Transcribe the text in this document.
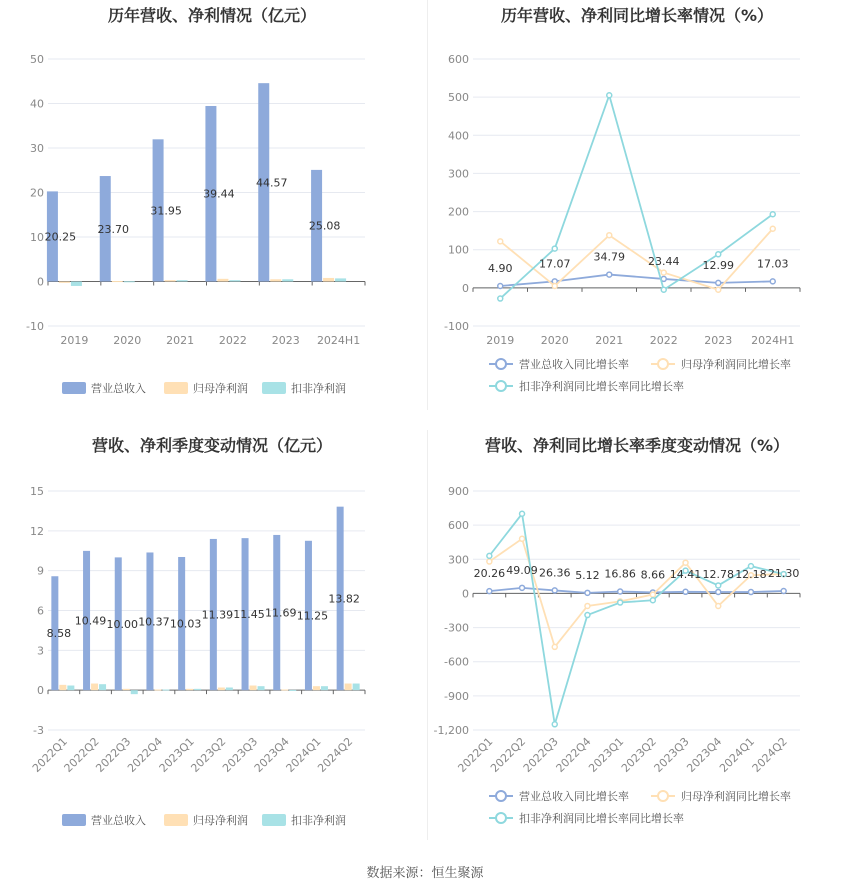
历年营收、净利情况（亿元）
50
40
30
20
10
0
-10
2019 2020 2021 2022 2023 2024H1
20.25
23.70
31.95
39.44
44.57
25.08
营业总收入	归母净利润	扣非净利润
历年营收、净利同比增长率情况（%）
600
500
400
300
200
100
0
-100
2019 2020 2021 2022 2023 2024H1
4.90 17.07
34.79 23.44 12.99 17.03
营业总收入同比增长率	归母净利润同比增长率
扣非净利润同比增长率同比增长率
营收、净利季度变动情况（亿元）
15
12
9
6
3
0
-3
2022Q1
2022Q2
2022Q3
2022Q4
2023Q1
2023Q2
2023Q3
2023Q4
2024Q1
2024Q2
8.58
10.49 10.00 10.37 10.03
11.39 11.45 11.69 11.25
13.82
营业总收入	归母净利润	扣非净利润
营收、净利同比增长率季度变动情况（%）
900
600
300
0
-300
-600
-900
-1,200
2022Q1
2022Q2
2022Q3
2022Q4
2023Q1
2023Q2
2023Q3
2023Q4
2024Q1
2024Q2
20.26 49.09 26.36 5.12 16.86 8.66 14.41 12.78 12.18 21.30
营业总收入同比增长率	归母净利润同比增长率
扣非净利润同比增长率同比增长率
数据来源：恒生聚源
